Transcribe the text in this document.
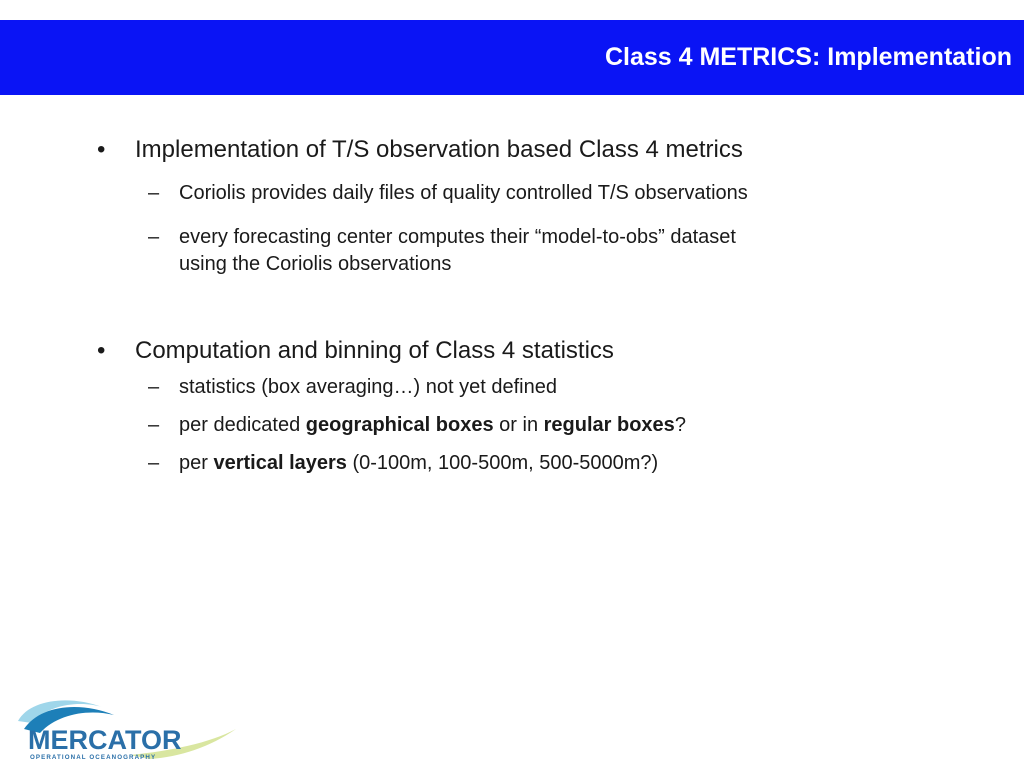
Class 4 METRICS: Implementation
• Implementation of T/S observation based Class 4 metrics
– Coriolis provides daily files of quality controlled T/S observations
– every forecasting center computes their “model-to-obs” dataset
using the Coriolis observations
• Computation and binning of Class 4 statistics
– statistics (box averaging…) not yet defined
– per dedicated geographical boxes or in regular boxes?
– per vertical layers (0-100m, 100-500m, 500-5000m?)
MERCATOR
OPERATIONAL OCEANOGRAPHY
